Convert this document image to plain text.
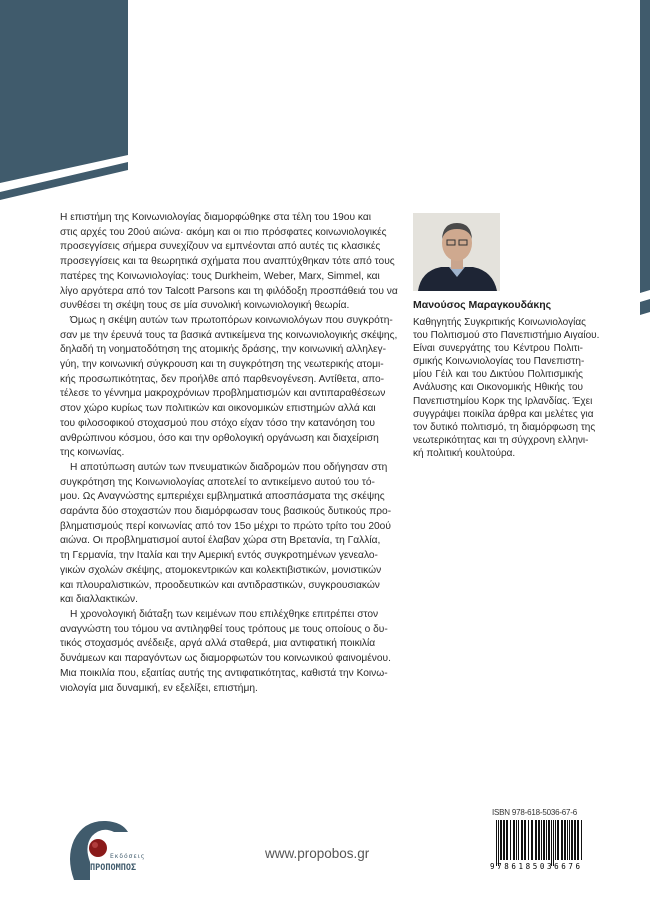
Η επιστήμη της Κοινωνιολογίας διαμορφώθηκε στα τέλη του 19ου και
στις αρχές του 20ού αιώνα· ακόμη και οι πιο πρόσφατες κοινωνιολογικές
προσεγγίσεις σήμερα συνεχίζουν να εμπνέονται από αυτές τις κλασικές
προσεγγίσεις και τα θεωρητικά σχήματα που αναπτύχθηκαν τότε από τους
πατέρες της Κοινωνιολογίας: τους Durkheim, Weber, Marx, Simmel, και
λίγο αργότερα από τον Talcott Parsons και τη φιλόδοξη προσπάθειά του να
συνθέσει τη σκέψη τους σε μία συνολική κοινωνιολογική θεωρία.
Όμως η σκέψη αυτών των πρωτοπόρων κοινωνιολόγων που συγκρότη-
σαν με την έρευνά τους τα βασικά αντικείμενα της κοινωνιολογικής σκέψης,
δηλαδή τη νοηματοδότηση της ατομικής δράσης, την κοινωνική αλληλεγ-
γύη, την κοινωνική σύγκρουση και τη συγκρότηση της νεωτερικής ατομι-
κής προσωπικότητας, δεν προήλθε από παρθενογένεση. Αντίθετα, απο-
τέλεσε το γέννημα μακροχρόνιων προβληματισμών και αντιπαραθέσεων
στον χώρο κυρίως των πολιτικών και οικονομικών επιστημών αλλά και
του φιλοσοφικού στοχασμού που στόχο είχαν τόσο την κατανόηση του
ανθρώπινου κόσμου, όσο και την ορθολογική οργάνωση και διαχείριση
της κοινωνίας.
Η αποτύπωση αυτών των πνευματικών διαδρομών που οδήγησαν στη
συγκρότηση της Κοινωνιολογίας αποτελεί το αντικείμενο αυτού του τό-
μου. Ως Αναγνώστης εμπεριέχει εμβληματικά αποσπάσματα της σκέψης
σαράντα δύο στοχαστών που διαμόρφωσαν τους βασικούς δυτικούς προ-
βληματισμούς περί κοινωνίας από τον 15ο μέχρι το πρώτο τρίτο του 20ού
αιώνα. Οι προβληματισμοί αυτοί έλαβαν χώρα στη Βρετανία, τη Γαλλία,
τη Γερμανία, την Ιταλία και την Αμερική εντός συγκροτημένων γενεαλο-
γικών σχολών σκέψης, ατομοκεντρικών και κολεκτιβιστικών, μονιστικών
και πλουραλιστικών, προοδευτικών και αντιδραστικών, συγκρουσιακών
και διαλλακτικών.
Η χρονολογική διάταξη των κειμένων που επιλέχθηκε επιτρέπει στον
αναγνώστη του τόμου να αντιληφθεί τους τρόπους με τους οποίους ο δυ-
τικός στοχασμός ανέδειξε, αργά αλλά σταθερά, μια αντιφατική ποικιλία
δυνάμεων και παραγόντων ως διαμορφωτών του κοινωνικού φαινομένου.
Μια ποικιλία που, εξαιτίας αυτής της αντιφατικότητας, καθιστά την Κοινω-
νιολογία μια δυναμική, εν εξελίξει, επιστήμη.
Μανούσος Μαραγκουδάκης
Καθηγητής Συγκριτικής Κοινωνιολογίας
του Πολιτισμού στο Πανεπιστήμιο Αιγαίου.
Είναι συνεργάτης του Κέντρου Πολιτι-
σμικής Κοινωνιολογίας του Πανεπιστη-
μίου Γέιλ και του Δικτύου Πολιτισμικής
Ανάλυσης και Οικονομικής Ηθικής του
Πανεπιστημίου Κορκ της Ιρλανδίας. Έχει
συγγράψει ποικίλα άρθρα και μελέτες για
τον δυτικό πολιτισμό, τη διαμόρφωση της
νεωτερικότητας και τη σύγχρονη ελληνι-
κή πολιτική κουλτούρα.
Εκδόσεις
ΠΡΟΠΟΜΠΟΣ
www.propobos.gr
ISBN 978-618-5036-67-6
9786185036676
